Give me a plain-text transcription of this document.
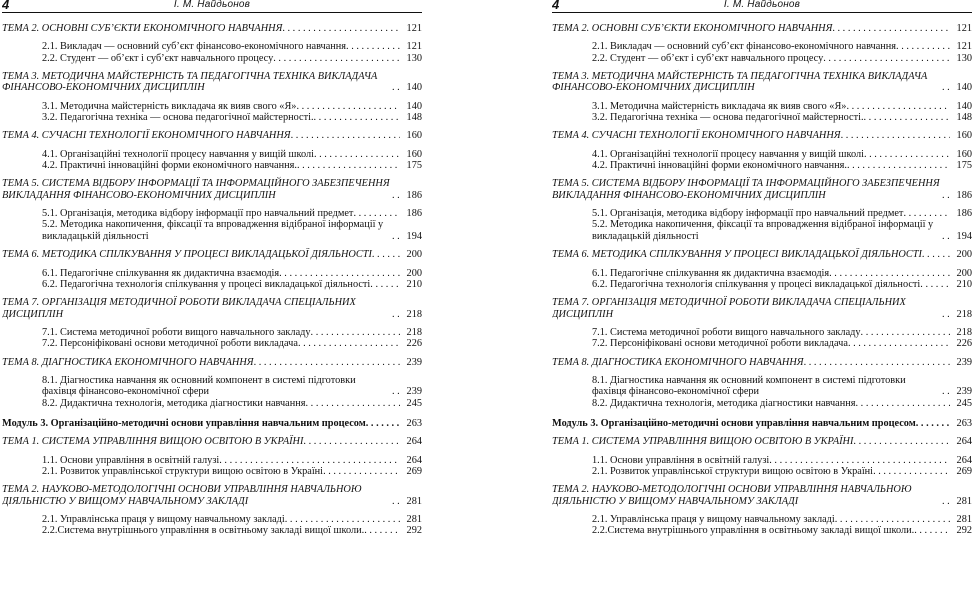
4	І. М. Найдьонов
ТЕМА 2. ОСНОВНІ СУБ’ЄКТИ ЕКОНОМІЧНОГО НАВЧАННЯ . . .	121
2.1. Викладач — основний суб’єкт фінансово-економічного навчання . . .	121
2.2. Студент — об’єкт і суб’єкт навчального процесу . . .	130
ТЕМА 3. МЕТОДИЧНА МАЙСТЕРНІСТЬ ТА ПЕДАГОГІЧНА ТЕХНІКА ВИКЛАДАЧА ФІНАНСОВО-ЕКОНОМІЧНИХ ДИСЦИПЛІН . . .	140
3.1. Методична майстерність викладача як вияв свого «Я» . . .	140
3.2. Педагогічна техніка — основа педагогічної майстерності. . . .	148
ТЕМА 4. СУЧАСНІ ТЕХНОЛОГІЇ ЕКОНОМІЧНОГО НАВЧАННЯ . . .	160
4.1. Організаційні технології процесу навчання у вищій школі . . .	160
4.2. Практичні інноваційні форми економічного навчання. . . .	175
ТЕМА 5. СИСТЕМА ВІДБОРУ ІНФОРМАЦІЇ ТА ІНФОРМАЦІЙНОГО ЗАБЕЗПЕЧЕННЯ ВИКЛАДАННЯ ФІНАНСОВО-ЕКОНОМІЧНИХ ДИСЦИПЛІН . . .	186
5.1. Організація, методика відбору інформації про навчальний предмет . . .	186
5.2. Методика накопичення, фіксації та впровадження відібраної інформації у викладацькій діяльності . . .	194
ТЕМА 6. МЕТОДИКА СПІЛКУВАННЯ У ПРОЦЕСІ ВИКЛАДАЦЬКОЇ ДІЯЛЬНОСТІ . . .	200
6.1. Педагогічне спілкування як дидактична взаємодія . . .	200
6.2. Педагогічна технологія спілкування у процесі викладацької діяльності . . .	210
ТЕМА 7. ОРГАНІЗАЦІЯ МЕТОДИЧНОЇ РОБОТИ ВИКЛАДАЧА СПЕЦІАЛЬНИХ ДИСЦИПЛІН . . .	218
7.1. Система методичної роботи вищого навчального закладу . . .	218
7.2. Персоніфіковані основи методичної роботи викладача . . .	226
ТЕМА 8. ДІАГНОСТИКА ЕКОНОМІЧНОГО НАВЧАННЯ . . .	239
8.1. Діагностика навчання як основний компонент в системі підготовки фахівця фінансово-економічної сфери . . .	239
8.2. Дидактична технологія, методика діагностики навчання . . .	245
Модуль 3. Організаційно-методичні основи управління навчальним процесом . . .	263
ТЕМА 1. СИСТЕМА УПРАВЛІННЯ ВИЩОЮ ОСВІТОЮ В УКРАЇНІ . . .	264
1.1. Основи управління в освітній галузі . . .	264
2.1. Розвиток управлінської структури вищою освітою в Україні . . .	269
ТЕМА 2. НАУКОВО-МЕТОДОЛОГІЧНІ ОСНОВИ УПРАВЛІННЯ НАВЧАЛЬНОЮ ДІЯЛЬНІСТЮ У ВИЩОМУ НАВЧАЛЬНОМУ ЗАКЛАДІ . . .	281
2.1. Управлінська праця у вищому навчальному закладі . . .	281
2.2.Система внутрішнього управління в освітньому закладі вищої школи. . . .	292
4	І. М. Найдьонов
ТЕМА 2. ОСНОВНІ СУБ’ЄКТИ ЕКОНОМІЧНОГО НАВЧАННЯ . . .	121
2.1. Викладач — основний суб’єкт фінансово-економічного навчання . . .	121
2.2. Студент — об’єкт і суб’єкт навчального процесу . . .	130
ТЕМА 3. МЕТОДИЧНА МАЙСТЕРНІСТЬ ТА ПЕДАГОГІЧНА ТЕХНІКА ВИКЛАДАЧА ФІНАНСОВО-ЕКОНОМІЧНИХ ДИСЦИПЛІН . . .	140
3.1. Методична майстерність викладача як вияв свого «Я» . . .	140
3.2. Педагогічна техніка — основа педагогічної майстерності. . . .	148
ТЕМА 4. СУЧАСНІ ТЕХНОЛОГІЇ ЕКОНОМІЧНОГО НАВЧАННЯ . . .	160
4.1. Організаційні технології процесу навчання у вищій школі . . .	160
4.2. Практичні інноваційні форми економічного навчання. . . .	175
ТЕМА 5. СИСТЕМА ВІДБОРУ ІНФОРМАЦІЇ ТА ІНФОРМАЦІЙНОГО ЗАБЕЗПЕЧЕННЯ ВИКЛАДАННЯ ФІНАНСОВО-ЕКОНОМІЧНИХ ДИСЦИПЛІН . . .	186
5.1. Організація, методика відбору інформації про навчальний предмет . . .	186
5.2. Методика накопичення, фіксації та впровадження відібраної інформації у викладацькій діяльності . . .	194
ТЕМА 6. МЕТОДИКА СПІЛКУВАННЯ У ПРОЦЕСІ ВИКЛАДАЦЬКОЇ ДІЯЛЬНОСТІ . . .	200
6.1. Педагогічне спілкування як дидактична взаємодія . . .	200
6.2. Педагогічна технологія спілкування у процесі викладацької діяльності . . .	210
ТЕМА 7. ОРГАНІЗАЦІЯ МЕТОДИЧНОЇ РОБОТИ ВИКЛАДАЧА СПЕЦІАЛЬНИХ ДИСЦИПЛІН . . .	218
7.1. Система методичної роботи вищого навчального закладу . . .	218
7.2. Персоніфіковані основи методичної роботи викладача . . .	226
ТЕМА 8. ДІАГНОСТИКА ЕКОНОМІЧНОГО НАВЧАННЯ . . .	239
8.1. Діагностика навчання як основний компонент в системі підготовки фахівця фінансово-економічної сфери . . .	239
8.2. Дидактична технологія, методика діагностики навчання . . .	245
Модуль 3. Організаційно-методичні основи управління навчальним процесом . . .	263
ТЕМА 1. СИСТЕМА УПРАВЛІННЯ ВИЩОЮ ОСВІТОЮ В УКРАЇНІ . . .	264
1.1. Основи управління в освітній галузі . . .	264
2.1. Розвиток управлінської структури вищою освітою в Україні . . .	269
ТЕМА 2. НАУКОВО-МЕТОДОЛОГІЧНІ ОСНОВИ УПРАВЛІННЯ НАВЧАЛЬНОЮ ДІЯЛЬНІСТЮ У ВИЩОМУ НАВЧАЛЬНОМУ ЗАКЛАДІ . . .	281
2.1. Управлінська праця у вищому навчальному закладі . . .	281
2.2.Система внутрішнього управління в освітньому закладі вищої школи. . . .	292
